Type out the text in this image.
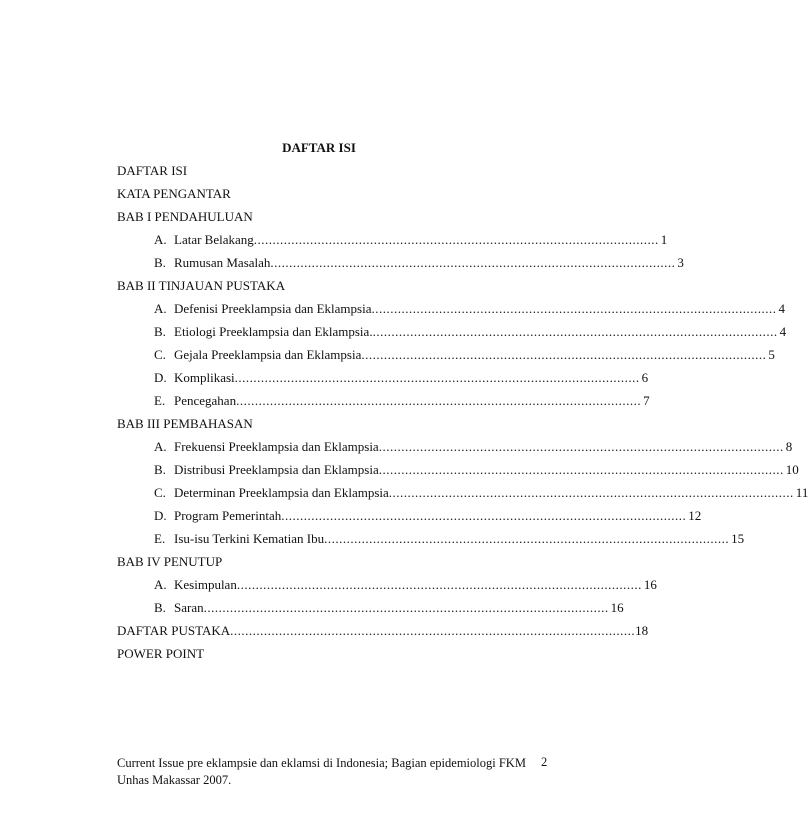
DAFTAR ISI
DAFTAR ISI
KATA PENGANTAR
BAB I PENDAHULUAN
A. Latar Belakang ............................................................................................................ 1
B. Rumusan Masalah ............................................................................................................ 3
BAB II TINJAUAN PUSTAKA
A. Defenisi Preeklampsia dan Eklampsia ............................................................................................................ 4
B. Etiologi Preeklampsia dan Eklampsia. ............................................................................................................ 4
C. Gejala Preeklampsia dan Eklampsia ............................................................................................................ 5
D. Komplikasi ............................................................................................................ 6
E. Pencegahan ............................................................................................................ 7
BAB III PEMBAHASAN
A. Frekuensi Preeklampsia dan Eklampsia ............................................................................................................ 8
B. Distribusi Preeklampsia dan Eklampsia ............................................................................................................ 10
C. Determinan Preeklampsia dan Eklampsia ............................................................................................................ 11
D. Program Pemerintah ............................................................................................................ 12
E. Isu-isu Terkini Kematian Ibu ............................................................................................................ 15
BAB IV PENUTUP
A. Kesimpulan ............................................................................................................ 16
B. Saran ............................................................................................................ 16
DAFTAR PUSTAKA ............................................................................................................ 18
POWER POINT
Current Issue pre eklampsie dan eklamsi di Indonesia; Bagian epidemiologi FKM Unhas Makassar 2007.
2
